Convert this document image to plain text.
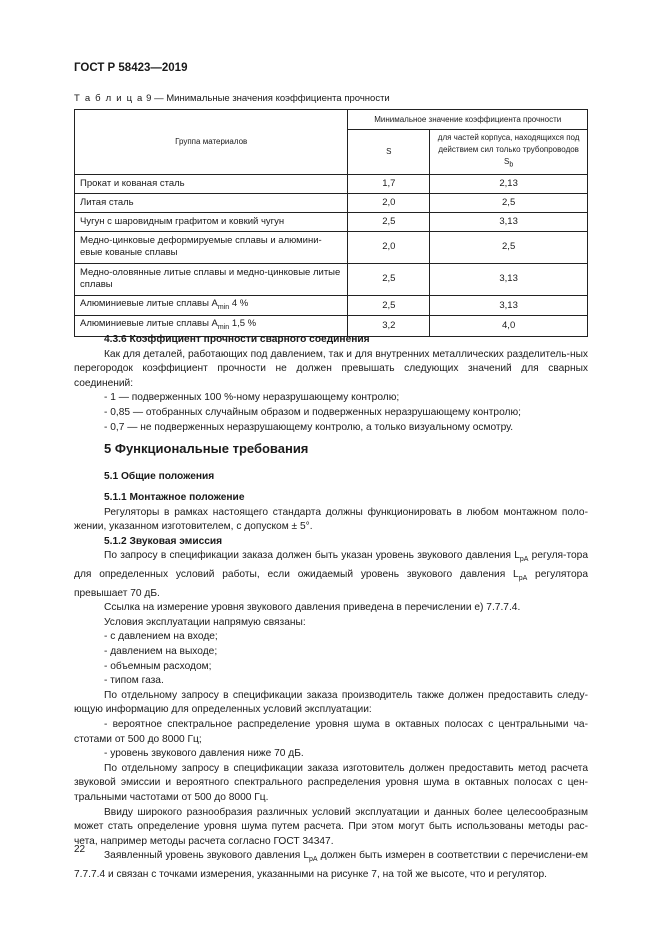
ГОСТ Р 58423—2019
Т а б л и ц а 9 — Минимальные значения коэффициента прочности
Группа материалов	Минимальное значение коэффициента прочности	
	S	для частей корпуса, находящихся под действием сил только трубопроводов $S_b$
Прокат и кованая сталь	1,7	2,13
Литая сталь	2,0	2,5
Чугун с шаровидным графитом и ковкий чугун	2,5	3,13
Медно-цинковые деформируемые сплавы и алюмини-евые кованые сплавы	2,0	2,5
Медно-оловянные литые сплавы и медно-цинковые литые сплавы	2,5	3,13
Алюминиевые литые сплавы $A_{min}$ 4 %	2,5	3,13
Алюминиевые литые сплавы $A_{min}$ 1,5 %	3,2	4,0

4.3.6 Коэффициент прочности сварного соединения

Как для деталей, работающих под давлением, так и для внутренних металлических разделитель-ных перегородок коэффициент прочности не должен превышать следующих значений для сварных соединений:

- 1 — подверженных 100 %-ному неразрушающему контролю;

- 0,85 — отобранных случайным образом и подверженных неразрушающему контролю;

- 0,7 — не подверженных неразрушающему контролю, а только визуальному осмотру.

5 Функциональные требования

5.1 Общие положения

5.1.1 Монтажное положение

Регуляторы в рамках настоящего стандарта должны функционировать в любом монтажном поло-жении, указанном изготовителем, с допуском ± 5°.

5.1.2 Звуковая эмиссия

По запросу в спецификации заказа должен быть указан уровень звукового давления $L_{pA}$ регуля-тора для определенных условий работы, если ожидаемый уровень звукового давления $L_{pA}$ регулятора превышает 70 дБ.

Ссылка на измерение уровня звукового давления приведена в перечислении е) 7.7.7.4.

Условия эксплуатации напрямую связаны:

- с давлением на входе;

- давлением на выходе;

- объемным расходом;

- типом газа.

По отдельному запросу в спецификации заказа производитель также должен предоставить следу-ющую информацию для определенных условий эксплуатации:

- вероятное спектральное распределение уровня шума в октавных полосах с центральными ча-стотами от 500 до 8000 Гц;

- уровень звукового давления ниже 70 дБ.

По отдельному запросу в спецификации заказа изготовитель должен предоставить метод расчета звуковой эмиссии и вероятного спектрального распределения уровня шума в октавных полосах с цен-тральными частотами от 500 до 8000 Гц.

Ввиду широкого разнообразия различных условий эксплуатации и данных более целесообразным может стать определение уровня шума путем расчета. При этом могут быть использованы методы рас-чета, например методы расчета согласно ГОСТ 34347.

Заявленный уровень звукового давления $L_{pA}$ должен быть измерен в соответствии с перечислени-ем 7.7.7.4 и связан с точками измерения, указанными на рисунке 7, на той же высоте, что и регулятор.

22
